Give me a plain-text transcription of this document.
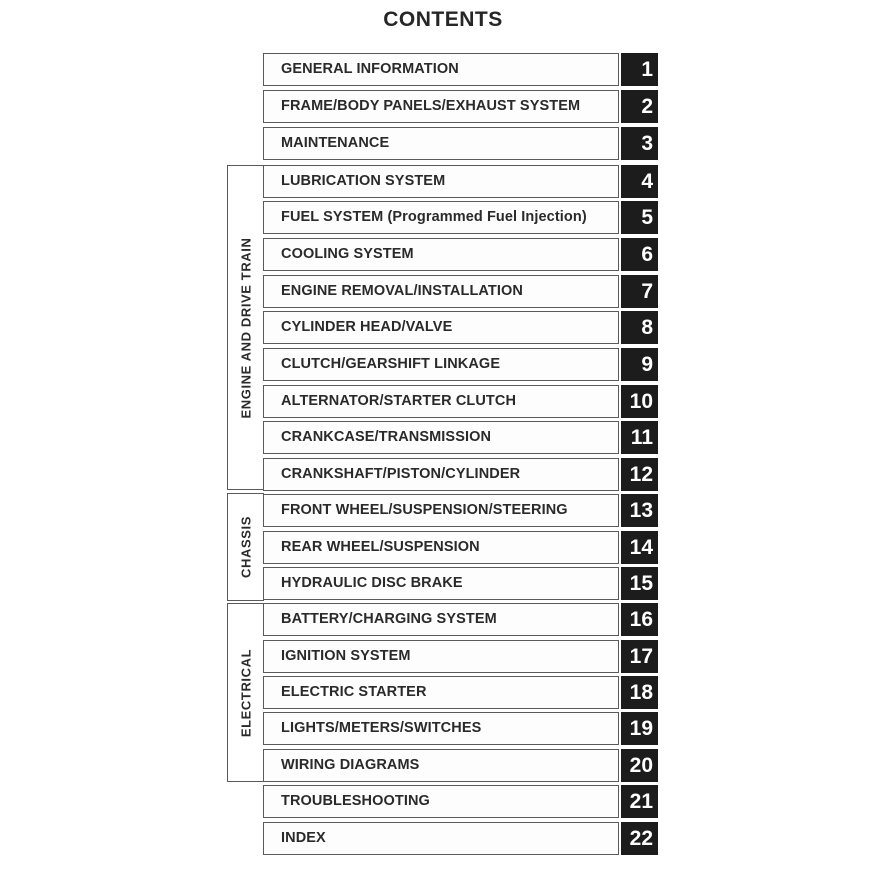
CONTENTS
ENGINE AND DRIVE TRAIN
CHASSIS
ELECTRICAL
GENERAL INFORMATION	1
FRAME/BODY PANELS/EXHAUST SYSTEM	2
MAINTENANCE	3
LUBRICATION SYSTEM	4
FUEL SYSTEM (Programmed Fuel Injection)	5
COOLING SYSTEM	6
ENGINE REMOVAL/INSTALLATION	7
CYLINDER HEAD/VALVE	8
CLUTCH/GEARSHIFT LINKAGE	9
ALTERNATOR/STARTER CLUTCH	10
CRANKCASE/TRANSMISSION	11
CRANKSHAFT/PISTON/CYLINDER	12
FRONT WHEEL/SUSPENSION/STEERING	13
REAR WHEEL/SUSPENSION	14
HYDRAULIC DISC BRAKE	15
BATTERY/CHARGING SYSTEM	16
IGNITION SYSTEM	17
ELECTRIC STARTER	18
LIGHTS/METERS/SWITCHES	19
WIRING DIAGRAMS	20
TROUBLESHOOTING	21
INDEX	22
